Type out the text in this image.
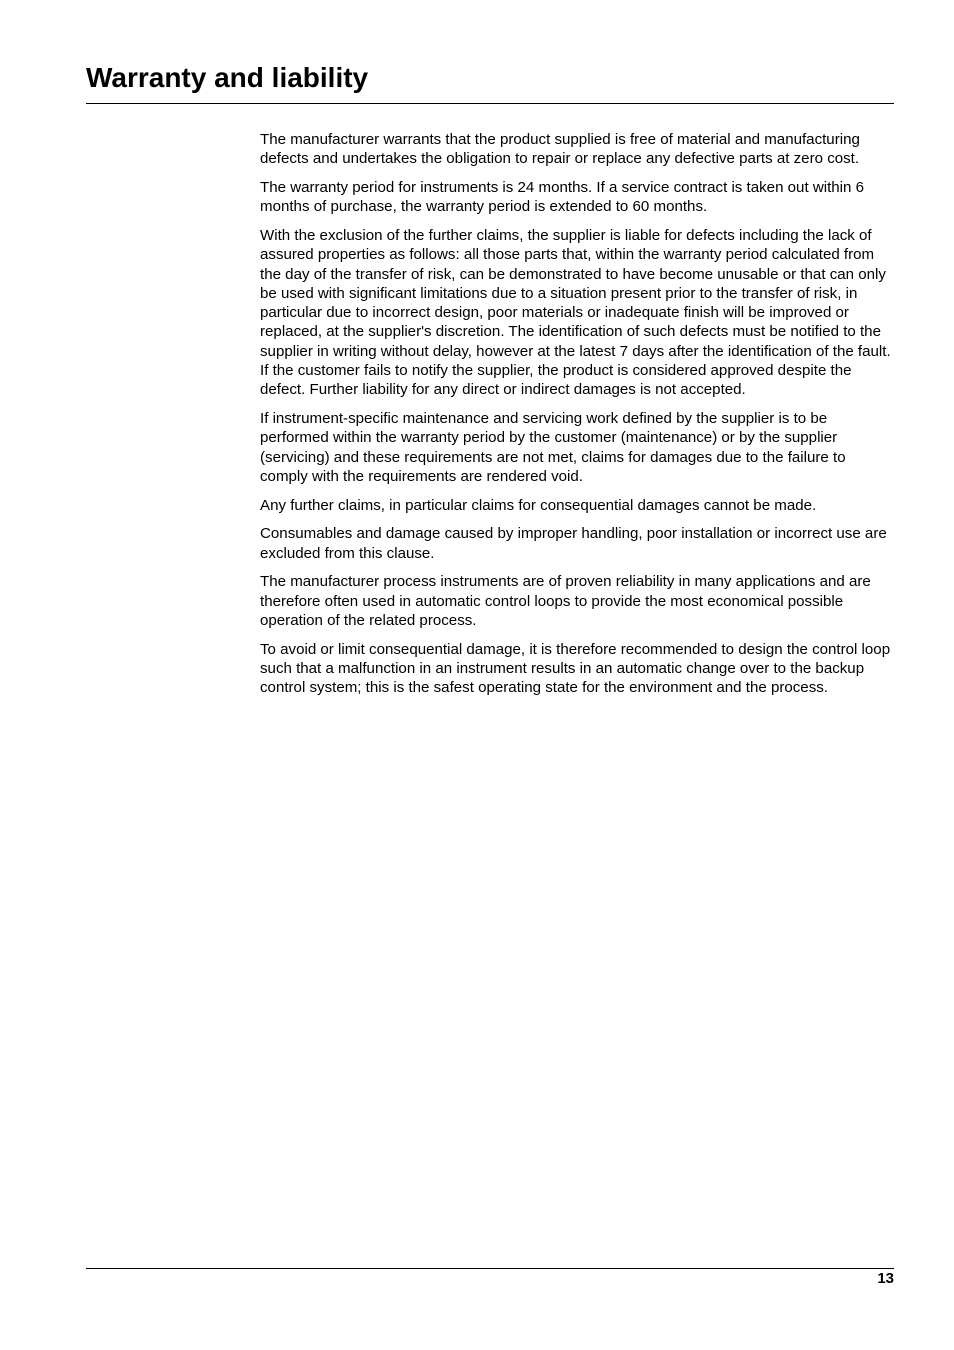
Warranty and liability

The manufacturer warrants that the product supplied is free of material and manufacturing defects and undertakes the obligation to repair or replace any defective parts at zero cost.

The warranty period for instruments is 24 months. If a service contract is taken out within 6 months of purchase, the warranty period is extended to 60 months.

With the exclusion of the further claims, the supplier is liable for defects including the lack of assured properties as follows: all those parts that, within the warranty period calculated from the day of the transfer of risk, can be demonstrated to have become unusable or that can only be used with significant limitations due to a situation present prior to the transfer of risk, in particular due to incorrect design, poor materials or inadequate finish will be improved or replaced, at the supplier's discretion. The identification of such defects must be notified to the supplier in writing without delay, however at the latest 7 days after the identification of the fault. If the customer fails to notify the supplier, the product is considered approved despite the defect. Further liability for any direct or indirect damages is not accepted.

If instrument-specific maintenance and servicing work defined by the supplier is to be performed within the warranty period by the customer (maintenance) or by the supplier (servicing) and these requirements are not met, claims for damages due to the failure to comply with the requirements are rendered void.

Any further claims, in particular claims for consequential damages cannot be made.

Consumables and damage caused by improper handling, poor installation or incorrect use are excluded from this clause.

The manufacturer process instruments are of proven reliability in many applications and are therefore often used in automatic control loops to provide the most economical possible operation of the related process.

To avoid or limit consequential damage, it is therefore recommended to design the control loop such that a malfunction in an instrument results in an automatic change over to the backup control system; this is the safest operating state for the environment and the process.

13
